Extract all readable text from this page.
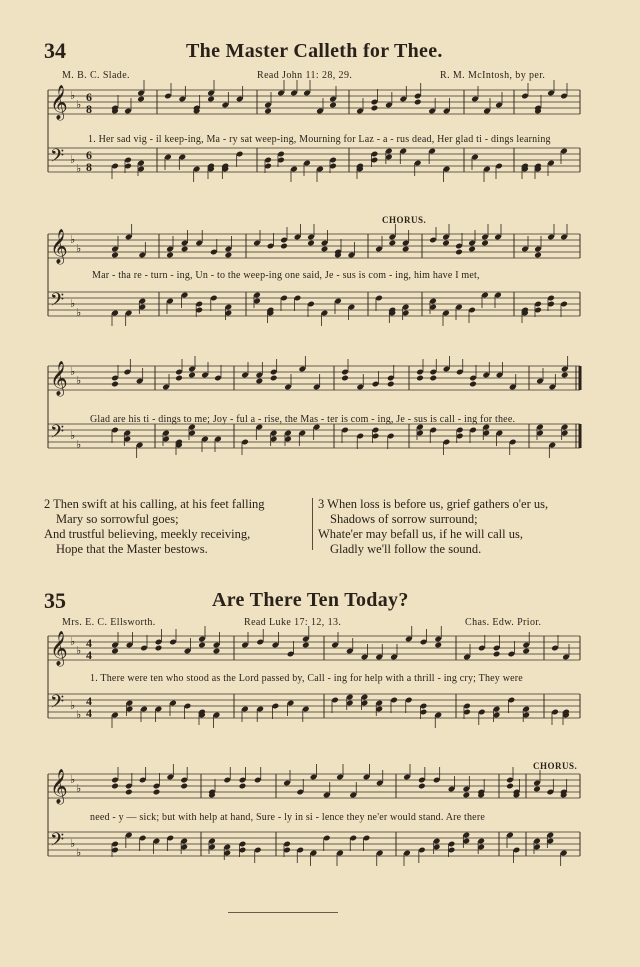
34	The Master Calleth for Thee.
M. B. C. Slade.	Read John 11: 28, 29.	R. M. McIntosh, by per.
𝄞 ♭
♭
6
8
𝄢 ♭
♭
6
8
1. Her sad vig - il keep-ing, Ma - ry sat weep-ing, Mourning for Laz - a - rus dead, Her glad ti - dings learning
CHORUS.
𝄞 ♭
♭
𝄢 ♭
♭
Mar - tha re - turn - ing, Un - to the weep-ing one said, Je - sus is com - ing, him have I met,
𝄞 ♭
♭
𝄢 ♭
♭
Glad are his ti - dings to me; Joy - ful a - rise, the Mas - ter is com - ing, Je - sus is call - ing for thee.
2 Then swift at his calling, at his feet falling
Mary so sorrowful goes;
And trustful believing, meekly receiving,
Hope that the Master bestows.
3 When loss is before us, grief gathers o'er us,
Shadows of sorrow surround;
Whate'er may befall us, if he will call us,
Gladly we'll follow the sound.
35	Are There Ten Today?
Mrs. E. C. Ellsworth.	Read Luke 17: 12, 13.	Chas. Edw. Prior.
𝄞 ♭
♭
4
4
𝄢 ♭
♭
4
4
1. There were ten who stood as the Lord passed by, Call - ing for help with a thrill - ing cry; They were
CHORUS.
𝄞 ♭
♭
𝄢 ♭
♭
need - y — sick; but with help at hand, Sure - ly in si - lence they ne'er would stand. Are there
